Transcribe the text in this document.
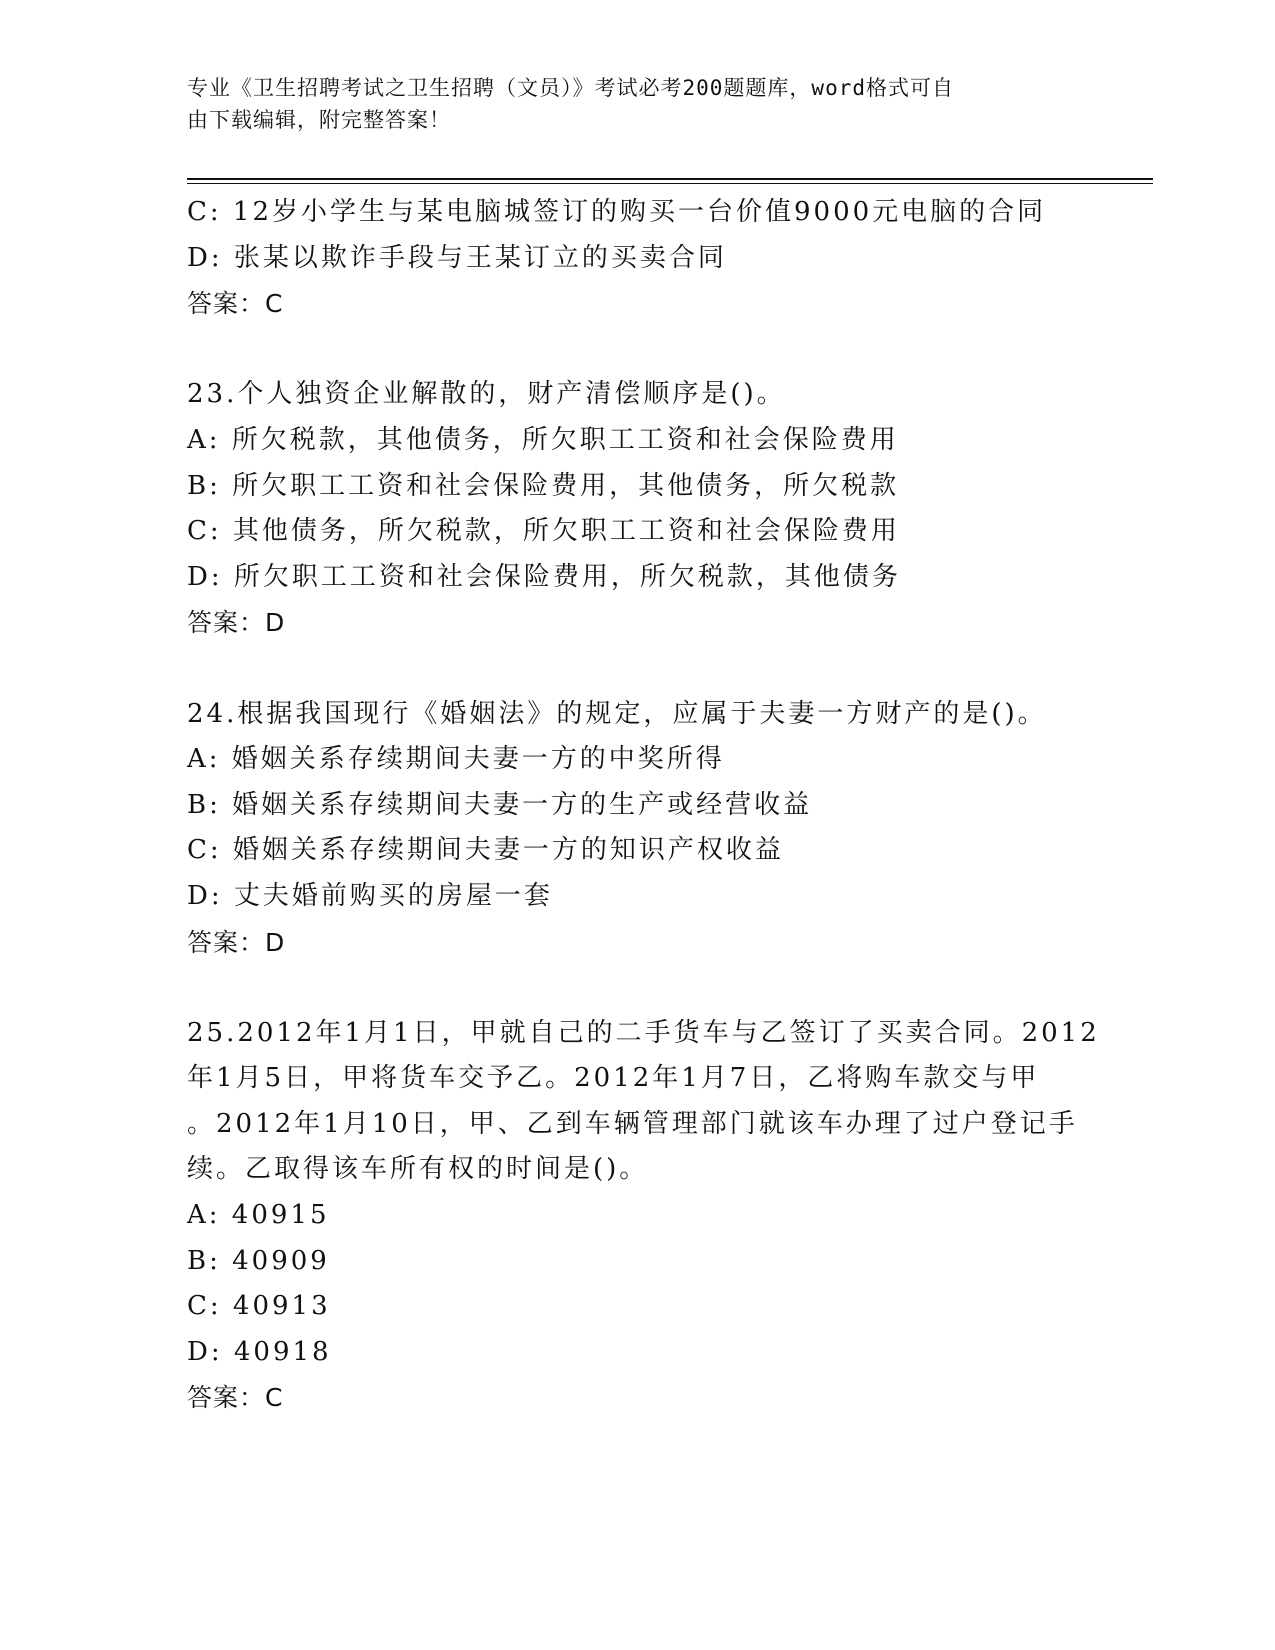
专业《卫生招聘考试之卫生招聘（文员）》考试必考200题题库，word格式可自
由下载编辑，附完整答案！
C: 12岁小学生与某电脑城签订的购买一台价值9000元电脑的合同
D: 张某以欺诈手段与王某订立的买卖合同
答案：C
23.个人独资企业解散的，财产清偿顺序是()。
A: 所欠税款，其他债务，所欠职工工资和社会保险费用
B: 所欠职工工资和社会保险费用，其他债务，所欠税款
C: 其他债务，所欠税款，所欠职工工资和社会保险费用
D: 所欠职工工资和社会保险费用，所欠税款，其他债务
答案：D
24.根据我国现行《婚姻法》的规定，应属于夫妻一方财产的是()。
A: 婚姻关系存续期间夫妻一方的中奖所得
B: 婚姻关系存续期间夫妻一方的生产或经营收益
C: 婚姻关系存续期间夫妻一方的知识产权收益
D: 丈夫婚前购买的房屋一套
答案：D
25.2012年1月1日，甲就自己的二手货车与乙签订了买卖合同。2012
年1月5日，甲将货车交予乙。2012年1月7日，乙将购车款交与甲
。2012年1月10日，甲、乙到车辆管理部门就该车办理了过户登记手
续。乙取得该车所有权的时间是()。
A: 40915
B: 40909
C: 40913
D: 40918
答案：C
